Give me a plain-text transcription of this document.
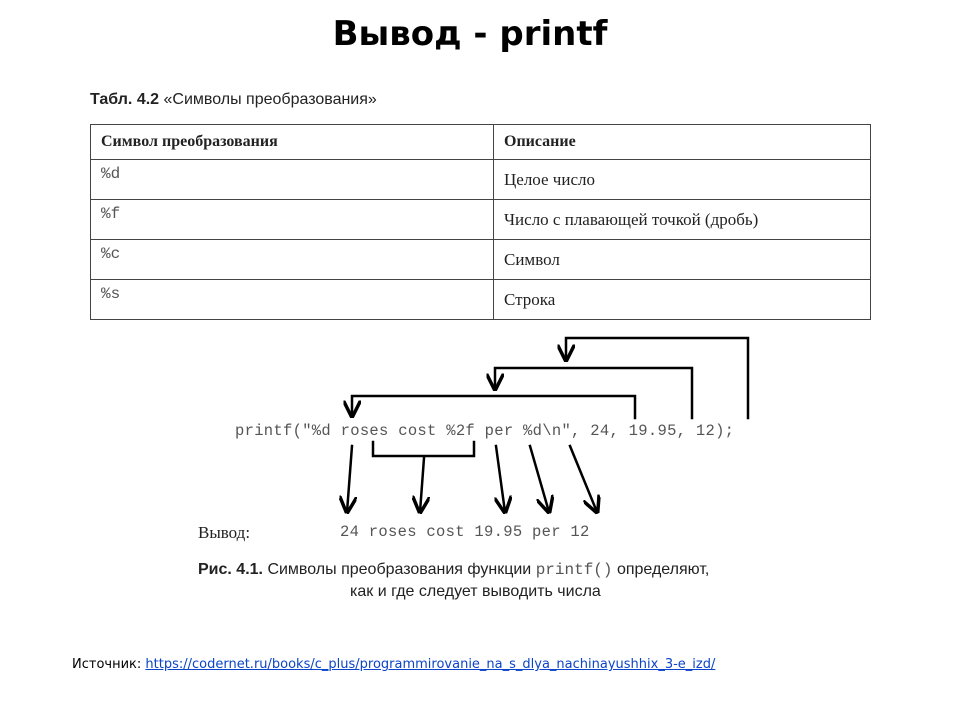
Вывод - printf
Табл. 4.2 «Символы преобразования»
Символ преобразования	Описание
%d	Целое число
%f	Число с плавающей точкой (дробь)
%c	Символ
%s	Строка
printf("%d roses cost %2f per %d\n", 24, 19.95, 12);
Вывод:	24 roses cost 19.95 per 12
Рис. 4.1. Символы преобразования функции printf() определяют,
как и где следует выводить числа
Источник: https://codernet.ru/books/c_plus/programmirovanie_na_s_dlya_nachinayushhix_3-e_izd/
